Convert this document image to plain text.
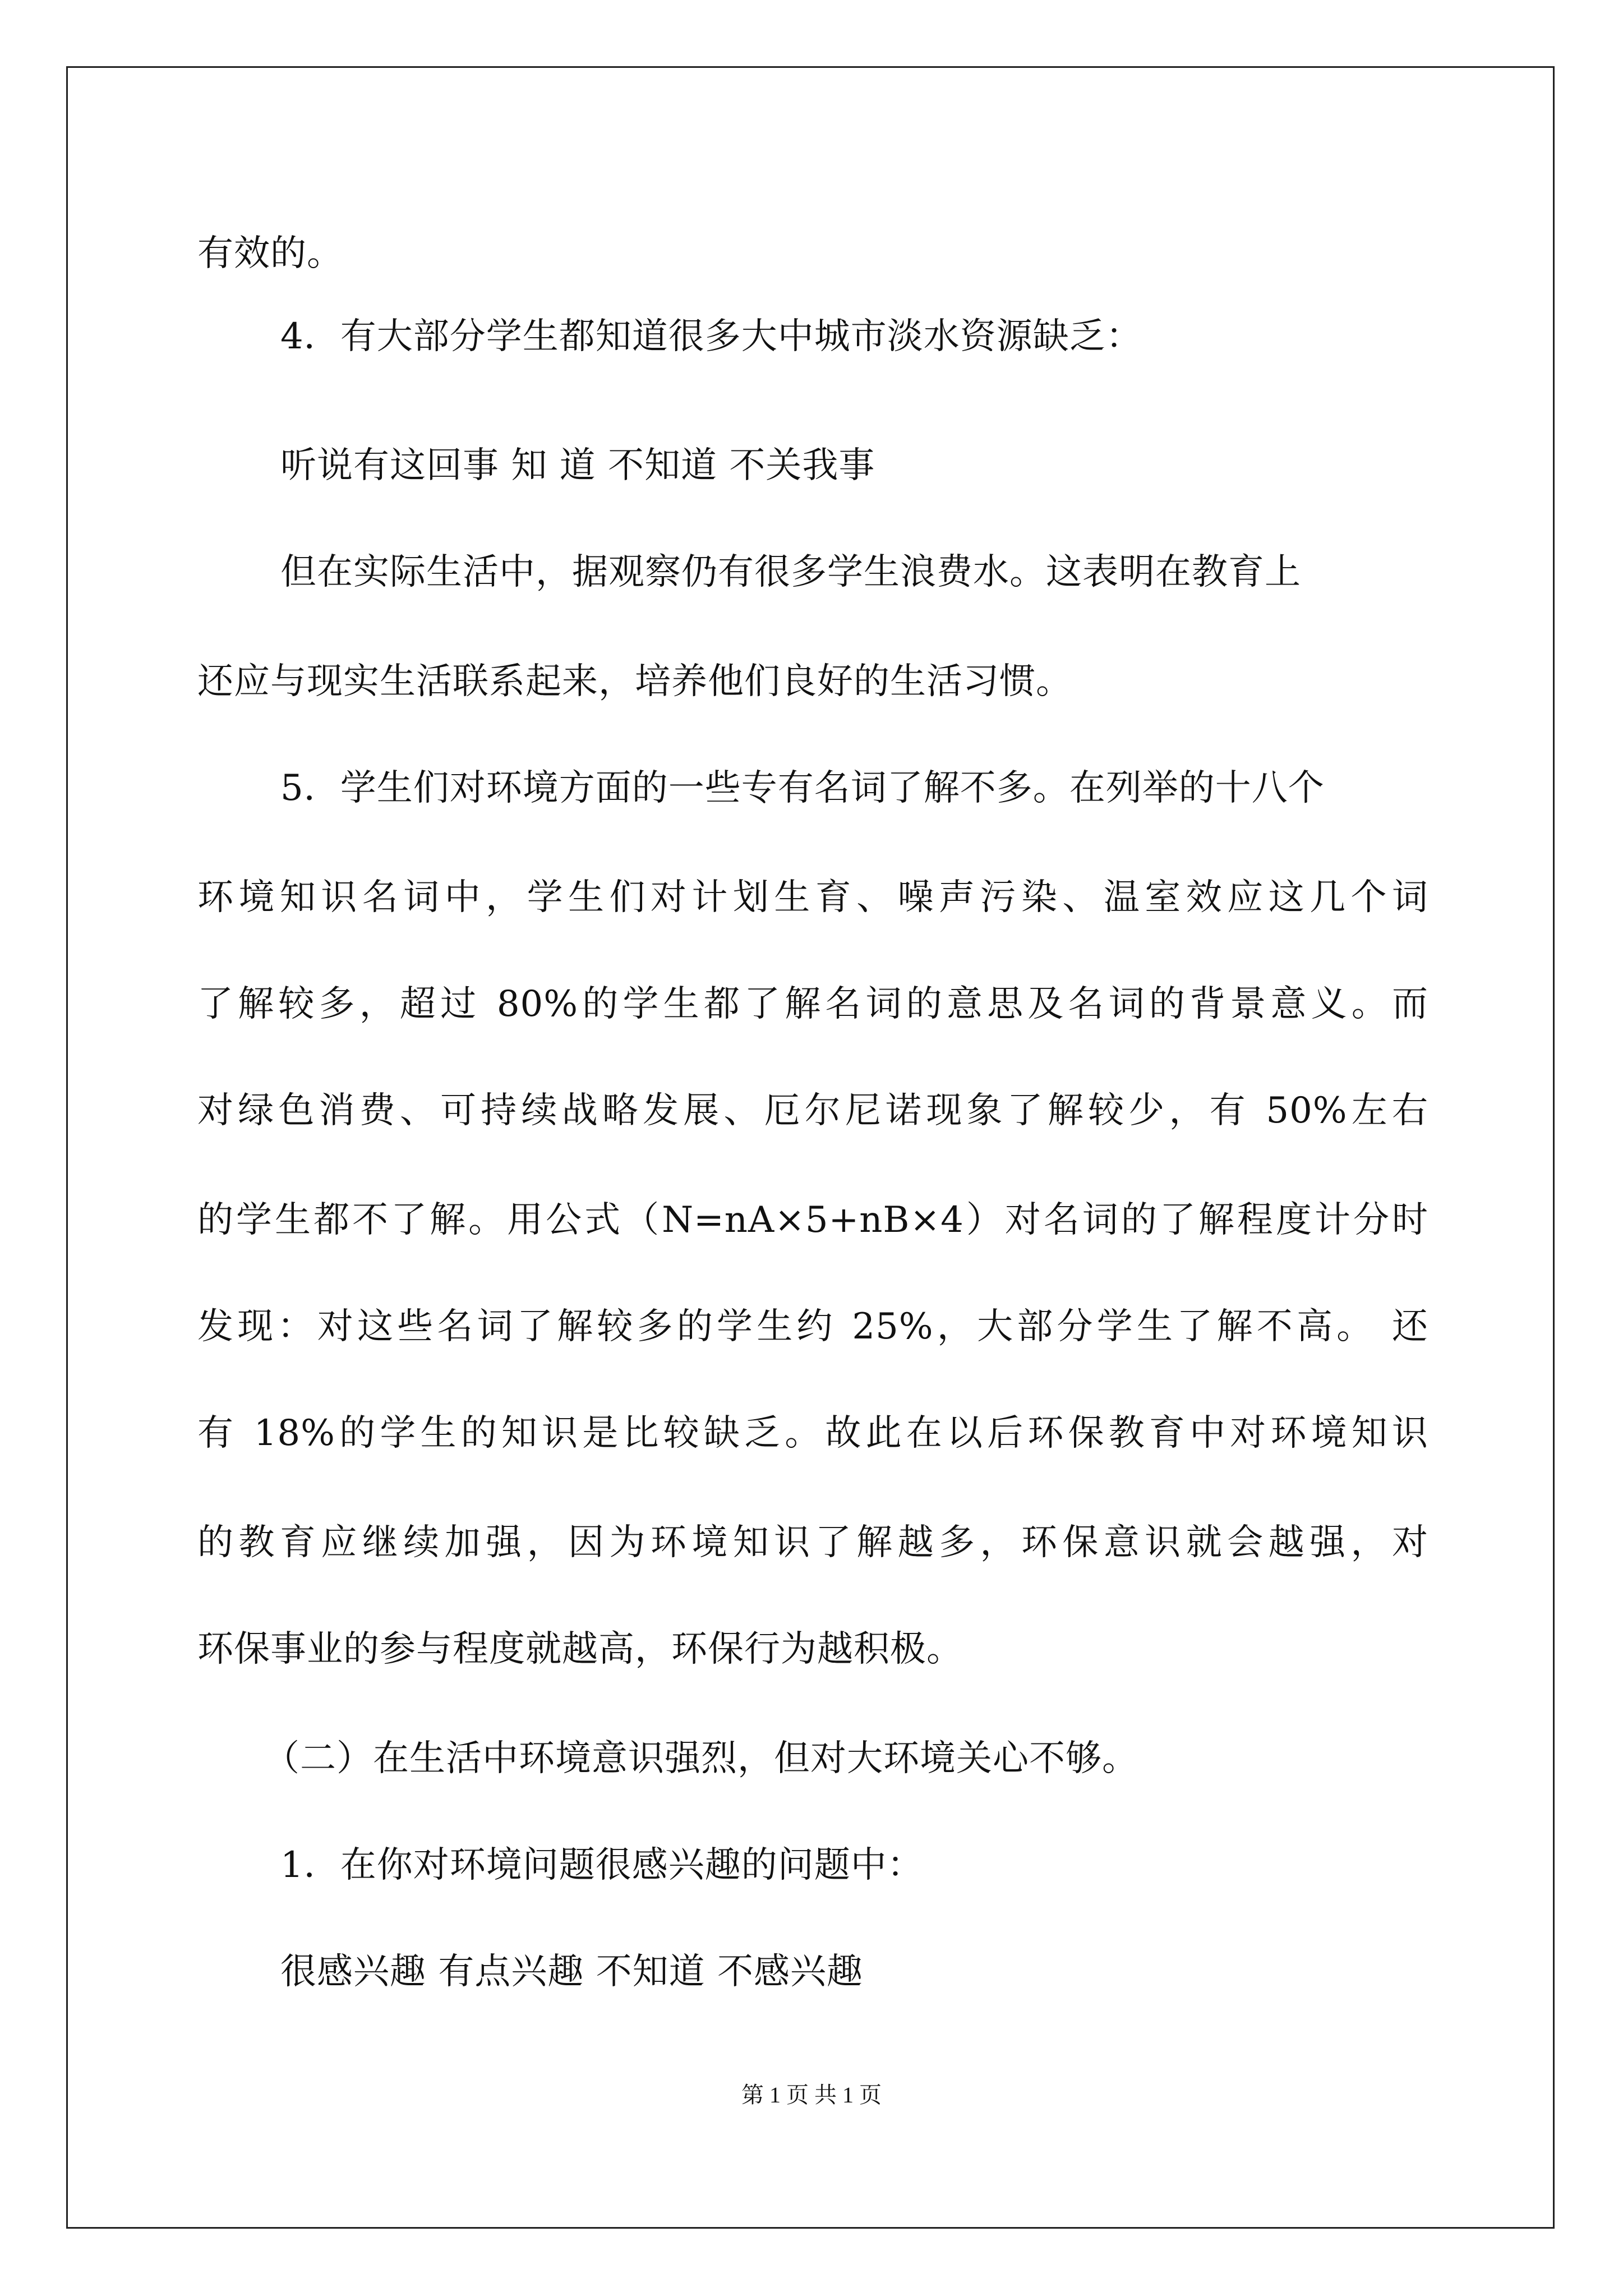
有效的。
4．有大部分学生都知道很多大中城市淡水资源缺乏：
听说有这回事 知 道 不知道 不关我事
但在实际生活中，据观察仍有很多学生浪费水。这表明在教育上
还应与现实生活联系起来，培养他们良好的生活习惯。
5．学生们对环境方面的一些专有名词了解不多。在列举的十八个
环境知识名词中，学生们对计划生育、噪声污染、温室效应这几个词
了解较多，超过 80%的学生都了解名词的意思及名词的背景意义。而
对绿色消费、可持续战略发展、厄尔尼诺现象了解较少，有 50%左右
的学生都不了解。用公式（N=nA×5+nB×4）对名词的了解程度计分时
发现：对这些名词了解较多的学生约 25%，大部分学生了解不高。 还
有 18%的学生的知识是比较缺乏。故此在以后环保教育中对环境知识
的教育应继续加强，因为环境知识了解越多，环保意识就会越强，对
环保事业的参与程度就越高，环保行为越积极。
（二）在生活中环境意识强烈，但对大环境关心不够。
1．在你对环境问题很感兴趣的问题中：
很感兴趣 有点兴趣 不知道 不感兴趣
第 1 页 共 1 页
